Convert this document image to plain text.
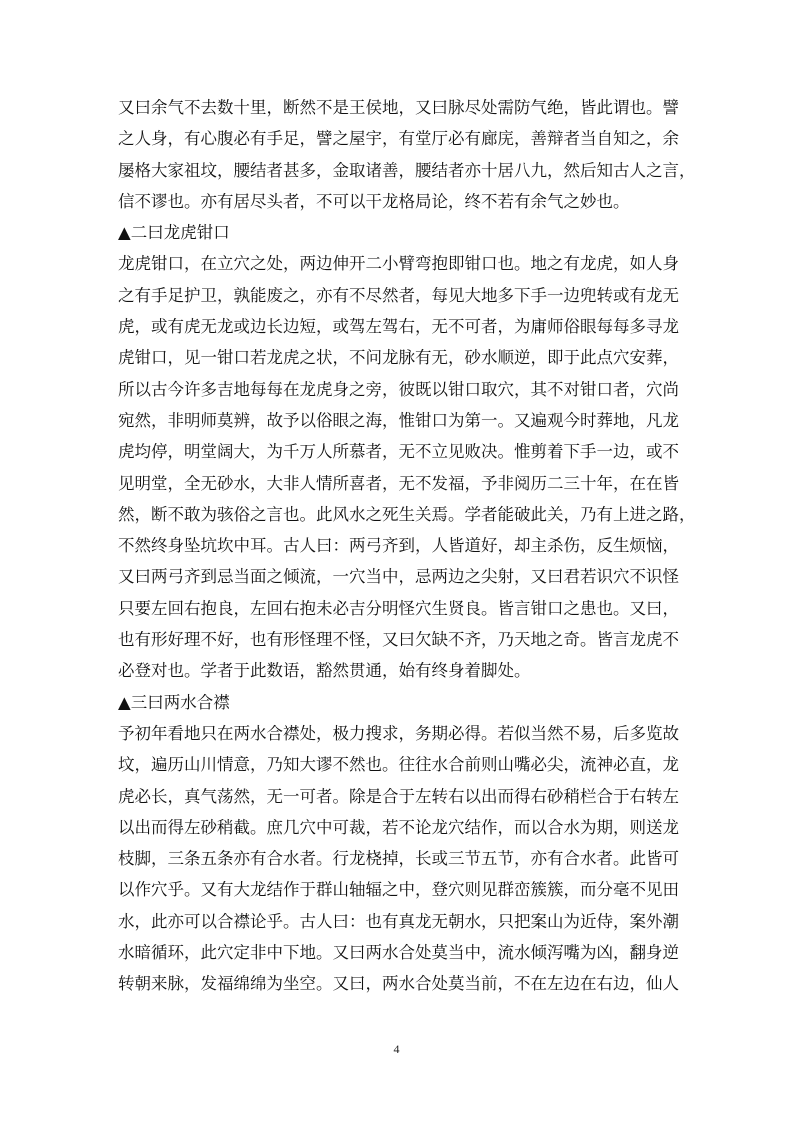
又曰余气不去数十里，断然不是王侯地，又曰脉尽处需防气绝，皆此谓也。譬
之人身，有心腹必有手足，譬之屋宇，有堂厅必有廊庑，善辩者当自知之，余
屡格大家祖坟，腰结者甚多，金取诸善，腰结者亦十居八九，然后知古人之言，
信不谬也。亦有居尽头者，不可以干龙格局论，终不若有余气之妙也。
▲二曰龙虎钳口
龙虎钳口，在立穴之处，两边伸开二小臂弯抱即钳口也。地之有龙虎，如人身
之有手足护卫，孰能废之，亦有不尽然者，每见大地多下手一边兜转或有龙无
虎，或有虎无龙或边长边短，或驾左驾右，无不可者，为庸师俗眼每每多寻龙
虎钳口，见一钳口若龙虎之状，不问龙脉有无，砂水顺逆，即于此点穴安葬，
所以古今许多吉地每每在龙虎身之旁，彼既以钳口取穴，其不对钳口者，穴尚
宛然，非明师莫辨，故予以俗眼之海，惟钳口为第一。又遍观今时葬地，凡龙
虎均停，明堂阔大，为千万人所慕者，无不立见败决。惟剪着下手一边，或不
见明堂，全无砂水，大非人情所喜者，无不发福，予非阅历二三十年，在在皆
然，断不敢为骇俗之言也。此风水之死生关焉。学者能破此关，乃有上进之路，
不然终身坠坑坎中耳。古人曰：两弓齐到，人皆道好，却主杀伤，反生烦恼，
又曰两弓齐到忌当面之倾流，一穴当中，忌两边之尖射，又曰君若识穴不识怪
只要左回右抱良，左回右抱未必吉分明怪穴生贤良。皆言钳口之患也。又曰，
也有形好理不好，也有形怪理不怪，又曰欠缺不齐，乃天地之奇。皆言龙虎不
必登对也。学者于此数语，豁然贯通，始有终身着脚处。
▲三曰两水合襟
予初年看地只在两水合襟处，极力搜求，务期必得。若似当然不易，后多览故
坟，遍历山川情意，乃知大谬不然也。往往水合前则山嘴必尖，流神必直，龙
虎必长，真气荡然，无一可者。除是合于左转右以出而得右砂稍栏合于右转左
以出而得左砂稍截。庶几穴中可裁，若不论龙穴结作，而以合水为期，则送龙
枝脚，三条五条亦有合水者。行龙桡掉，长或三节五节，亦有合水者。此皆可
以作穴乎。又有大龙结作于群山轴辐之中，登穴则见群峦簇簇，而分毫不见田
水，此亦可以合襟论乎。古人曰：也有真龙无朝水，只把案山为近侍，案外潮
水暗循环，此穴定非中下地。又曰两水合处莫当中，流水倾泻嘴为凶，翻身逆
转朝来脉，发福绵绵为坐空。又曰，两水合处莫当前，不在左边在右边，仙人
4
